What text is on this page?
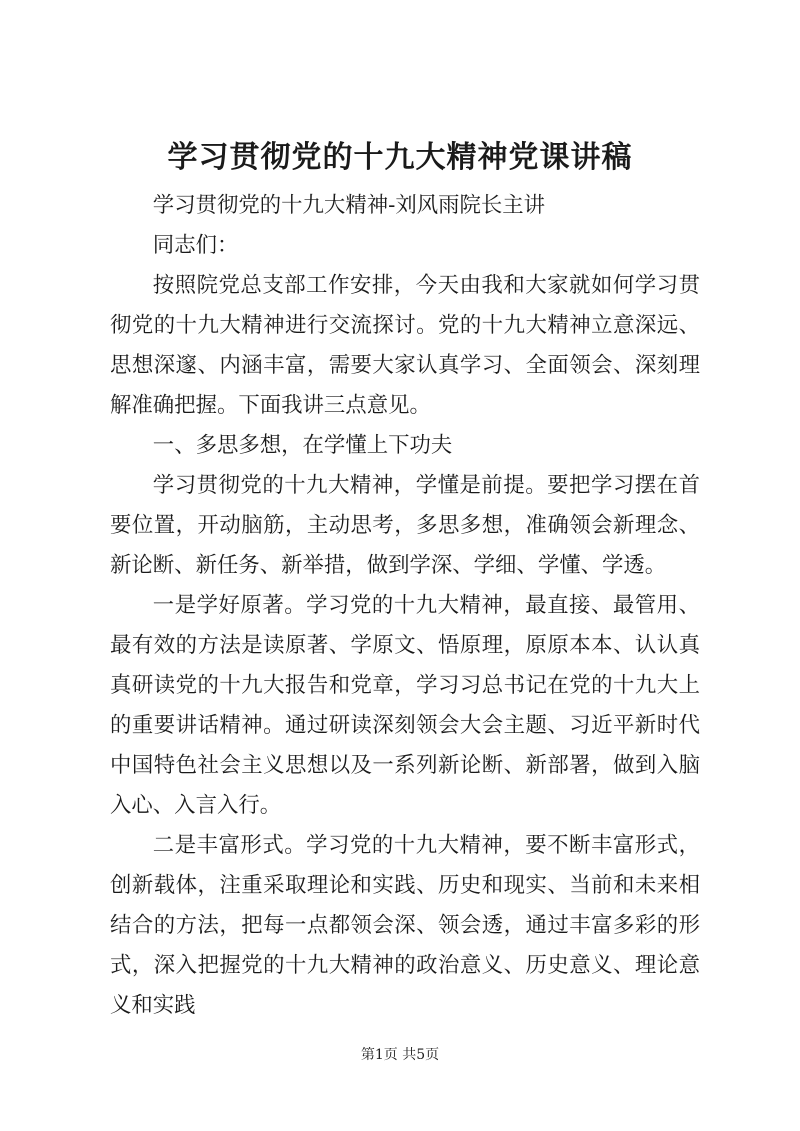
学习贯彻党的十九大精神党课讲稿

学习贯彻党的十九大精神-刘风雨院长主讲

同志们：

按照院党总支部工作安排，今天由我和大家就如何学习贯彻党的十九大精神进行交流探讨。党的十九大精神立意深远、思想深邃、内涵丰富，需要大家认真学习、全面领会、深刻理解准确把握。下面我讲三点意见。

一、多思多想，在学懂上下功夫

学习贯彻党的十九大精神，学懂是前提。要把学习摆在首要位置，开动脑筋，主动思考，多思多想，准确领会新理念、新论断、新任务、新举措，做到学深、学细、学懂、学透。

一是学好原著。学习党的十九大精神，最直接、最管用、最有效的方法是读原著、学原文、悟原理，原原本本、认认真真研读党的十九大报告和党章，学习习总书记在党的十九大上的重要讲话精神。通过研读深刻领会大会主题、习近平新时代中国特色社会主义思想以及一系列新论断、新部署，做到入脑入心、入言入行。

二是丰富形式。学习党的十九大精神，要不断丰富形式，创新载体，注重采取理论和实践、历史和现实、当前和未来相结合的方法，把每一点都领会深、领会透，通过丰富多彩的形式，深入把握党的十九大精神的政治意义、历史意义、理论意义和实践

第1页 共5页
